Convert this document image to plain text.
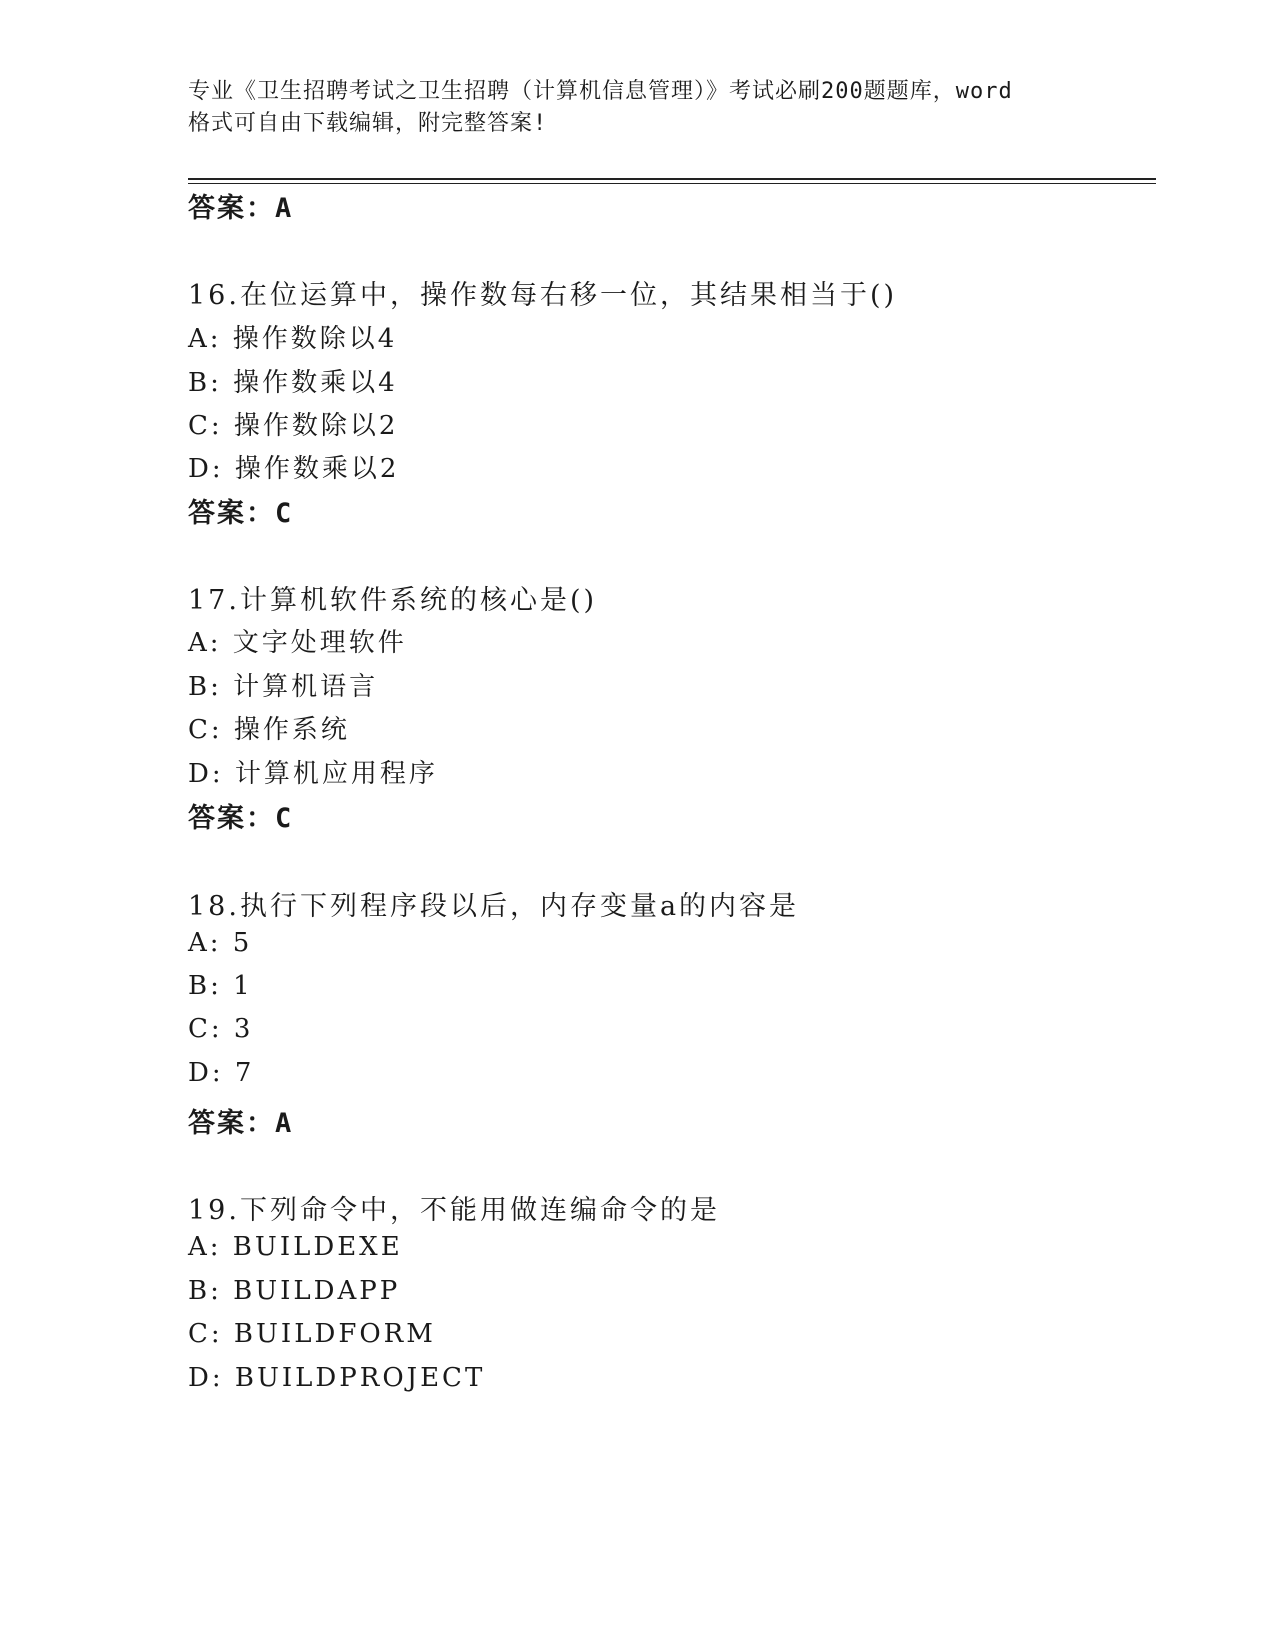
专业《卫生招聘考试之卫生招聘（计算机信息管理）》考试必刷200题题库，word
格式可自由下载编辑，附完整答案!
答案：A
16.在位运算中，操作数每右移一位，其结果相当于()
A: 操作数除以4
B: 操作数乘以4
C: 操作数除以2
D: 操作数乘以2
答案：C
17.计算机软件系统的核心是()
A: 文字处理软件
B: 计算机语言
C: 操作系统
D: 计算机应用程序
答案：C
18.执行下列程序段以后，内存变量a的内容是
A: 5
B: 1
C: 3
D: 7
答案：A
19.下列命令中，不能用做连编命令的是
A: BUILDEXE
B: BUILDAPP
C: BUILDFORM
D: BUILDPROJECT
